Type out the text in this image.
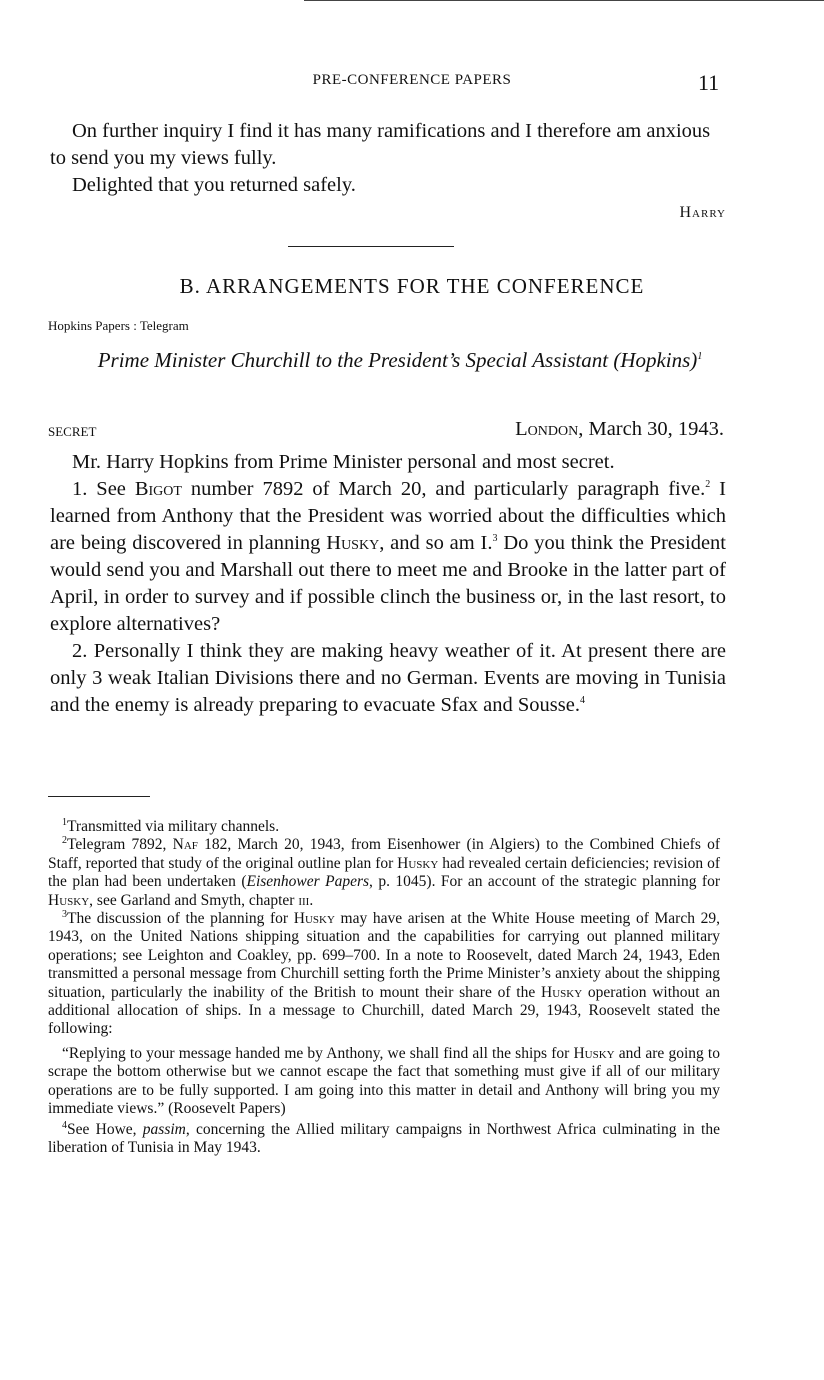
PRE-CONFERENCE PAPERS	11

On further inquiry I find it has many ramifications and I therefore am anxious to send you my views fully.

Delighted that you returned safely.

Harry
B. ARRANGEMENTS FOR THE CONFERENCE
Hopkins Papers : Telegram
Prime Minister Churchill to the President’s Special Assistant (Hopkins)$^1$
SECRET	London, March 30, 1943.

Mr. Harry Hopkins from Prime Minister personal and most secret.

1. See Bigot number 7892 of March 20, and particularly paragraph five.$^2$ I learned from Anthony that the President was worried about the difficulties which are being discovered in planning Husky, and so am I.$^3$ Do you think the President would send you and Marshall out there to meet me and Brooke in the latter part of April, in order to survey and if possible clinch the business or, in the last resort, to explore alternatives?

2. Personally I think they are making heavy weather of it. At present there are only 3 weak Italian Divisions there and no German. Events are moving in Tunisia and the enemy is already preparing to evacuate Sfax and Sousse.$^4$

$^1$Transmitted via military channels.

$^2$Telegram 7892, Naf 182, March 20, 1943, from Eisenhower (in Algiers) to the Combined Chiefs of Staff, reported that study of the original outline plan for Husky had revealed certain deficiencies; revision of the plan had been undertaken (Eisenhower Papers, p. 1045). For an account of the strategic planning for Husky, see Garland and Smyth, chapter iii.

$^3$The discussion of the planning for Husky may have arisen at the White House meeting of March 29, 1943, on the United Nations shipping situation and the capabilities for carrying out planned military operations; see Leighton and Coakley, pp. 699–700. In a note to Roosevelt, dated March 24, 1943, Eden transmitted a personal message from Churchill setting forth the Prime Minister’s anxiety about the shipping situation, particularly the inability of the British to mount their share of the Husky operation without an additional allocation of ships. In a message to Churchill, dated March 29, 1943, Roosevelt stated the following:

“Replying to your message handed me by Anthony, we shall find all the ships for Husky and are going to scrape the bottom otherwise but we cannot escape the fact that something must give if all of our military operations are to be fully supported. I am going into this matter in detail and Anthony will bring you my immediate views.” (Roosevelt Papers)

$^4$See Howe, passim, concerning the Allied military campaigns in Northwest Africa culminating in the liberation of Tunisia in May 1943.
